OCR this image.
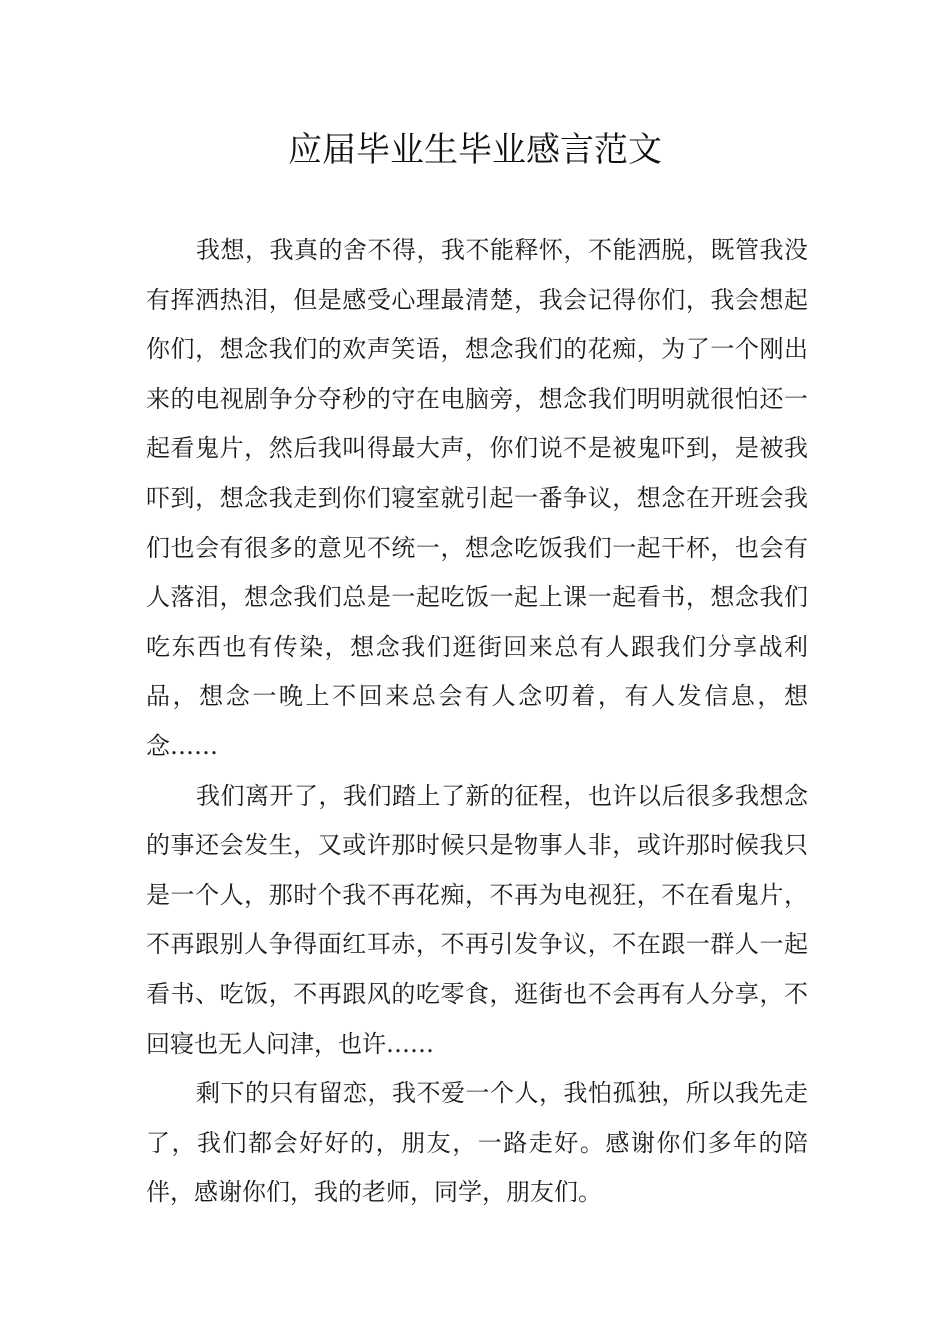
应届毕业生毕业感言范文

我想，我真的舍不得，我不能释怀，不能洒脱，既管我没有挥洒热泪，但是感受心理最清楚，我会记得你们，我会想起你们，想念我们的欢声笑语，想念我们的花痴，为了一个刚出来的电视剧争分夺秒的守在电脑旁，想念我们明明就很怕还一起看鬼片，然后我叫得最大声，你们说不是被鬼吓到，是被我吓到，想念我走到你们寝室就引起一番争议，想念在开班会我们也会有很多的意见不统一，想念吃饭我们一起干杯，也会有人落泪，想念我们总是一起吃饭一起上课一起看书，想念我们吃东西也有传染，想念我们逛街回来总有人跟我们分享战利品，想念一晚上不回来总会有人念叨着，有人发信息，想念……

我们离开了，我们踏上了新的征程，也许以后很多我想念的事还会发生，又或许那时候只是物事人非，或许那时候我只是一个人，那时个我不再花痴，不再为电视狂，不在看鬼片，不再跟别人争得面红耳赤，不再引发争议，不在跟一群人一起看书、吃饭，不再跟风的吃零食，逛街也不会再有人分享，不回寝也无人问津，也许……

剩下的只有留恋，我不爱一个人，我怕孤独，所以我先走了，我们都会好好的，朋友，一路走好。感谢你们多年的陪伴，感谢你们，我的老师，同学，朋友们。
